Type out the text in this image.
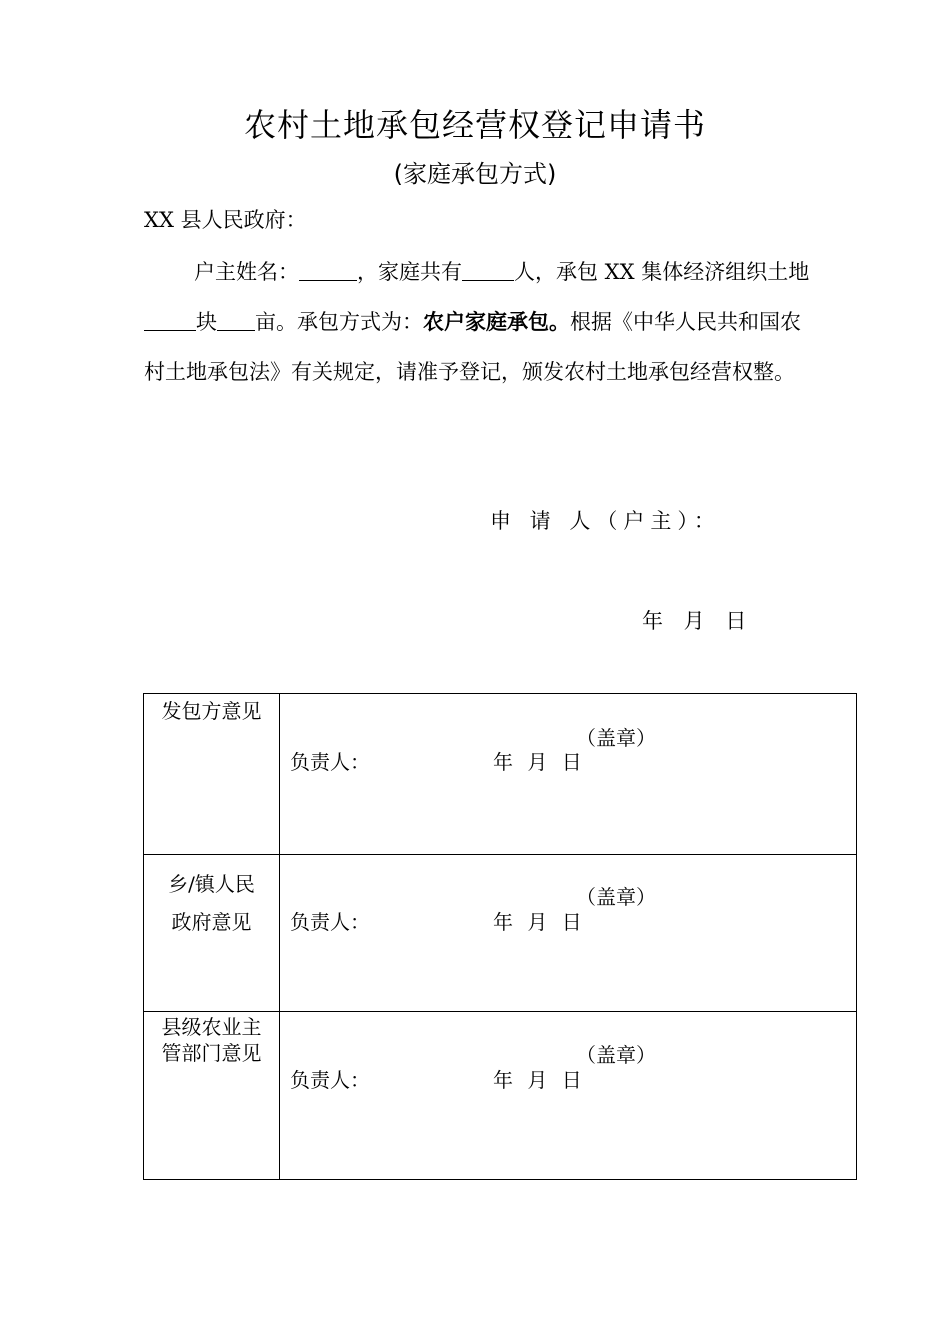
农村土地承包经营权登记申请书
(家庭承包方式)
XX 县人民政府：

户主姓名：	，家庭共有 人，承包 XX 集体经济组织土地块 亩。承包方式为：农户家庭承包。根据《中华人民共和国农村土地承包法》有关规定，请准予登记，颁发农村土地承包经营权整。

申 请 人（户主）：
年 月 日
发包方意见	（盖章）
负责人： 年 月 日

乡/镇人民政府意见	（盖章）
负责人： 年 月 日

县级农业主管部门意见	（盖章）
负责人： 年 月 日
